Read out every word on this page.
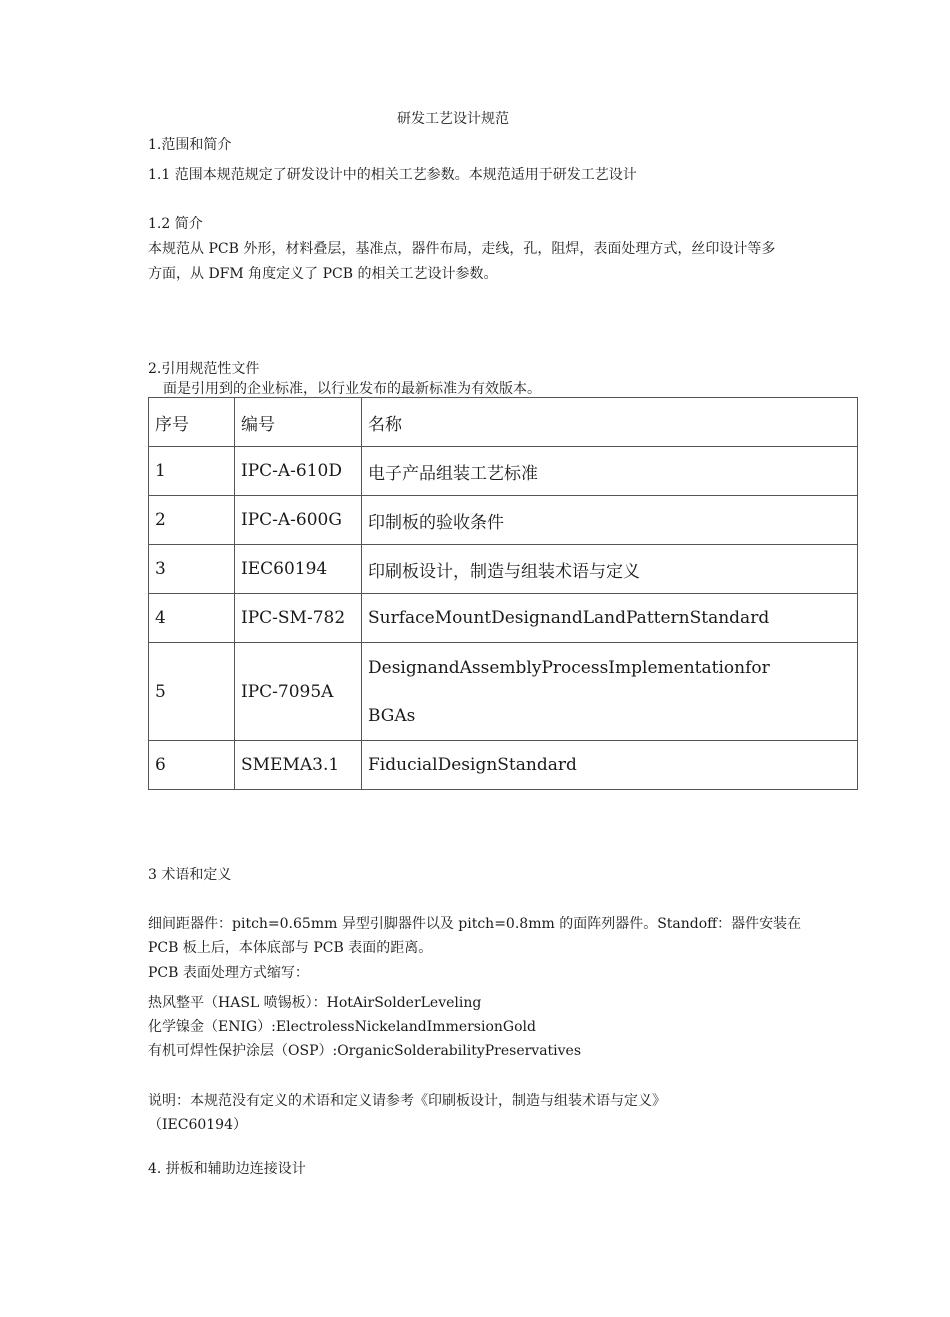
研发工艺设计规范
1.范围和简介
1.1 范围本规范规定了研发设计中的相关工艺参数。本规范适用于研发工艺设计
1.2 简介
本规范从 PCB 外形，材料叠层，基准点，器件布局，走线，孔，阻焊，表面处理方式，丝印设计等多
方面，从 DFM 角度定义了 PCB 的相关工艺设计参数。
2.引用规范性文件
面是引用到的企业标准，以行业发布的最新标准为有效版本。
序号	编号	名称
1	IPC-A-610D	电子产品组装工艺标准
2	IPC-A-600G	印制板的验收条件
3	IEC60194	印刷板设计，制造与组装术语与定义
4	IPC-SM-782	SurfaceMountDesignandLandPatternStandard
5	IPC-7095A	DesignandAssemblyProcessImplementationfor
BGAs

6	SMEMA3.1	FiducialDesignStandard
3 术语和定义
细间距器件：pitch=0.65mm 异型引脚器件以及 pitch=0.8mm 的面阵列器件。Standoff：器件安装在
PCB 板上后，本体底部与 PCB 表面的距离。
PCB 表面处理方式缩写：
热风整平（HASL 喷锡板）：HotAirSolderLeveling
化学镍金（ENIG）:ElectrolessNickelandImmersionGold
有机可焊性保护涂层（OSP）:OrganicSolderabilityPreservatives
说明：本规范没有定义的术语和定义请参考《印刷板设计，制造与组装术语与定义》
（IEC60194）
4. 拼板和辅助边连接设计
